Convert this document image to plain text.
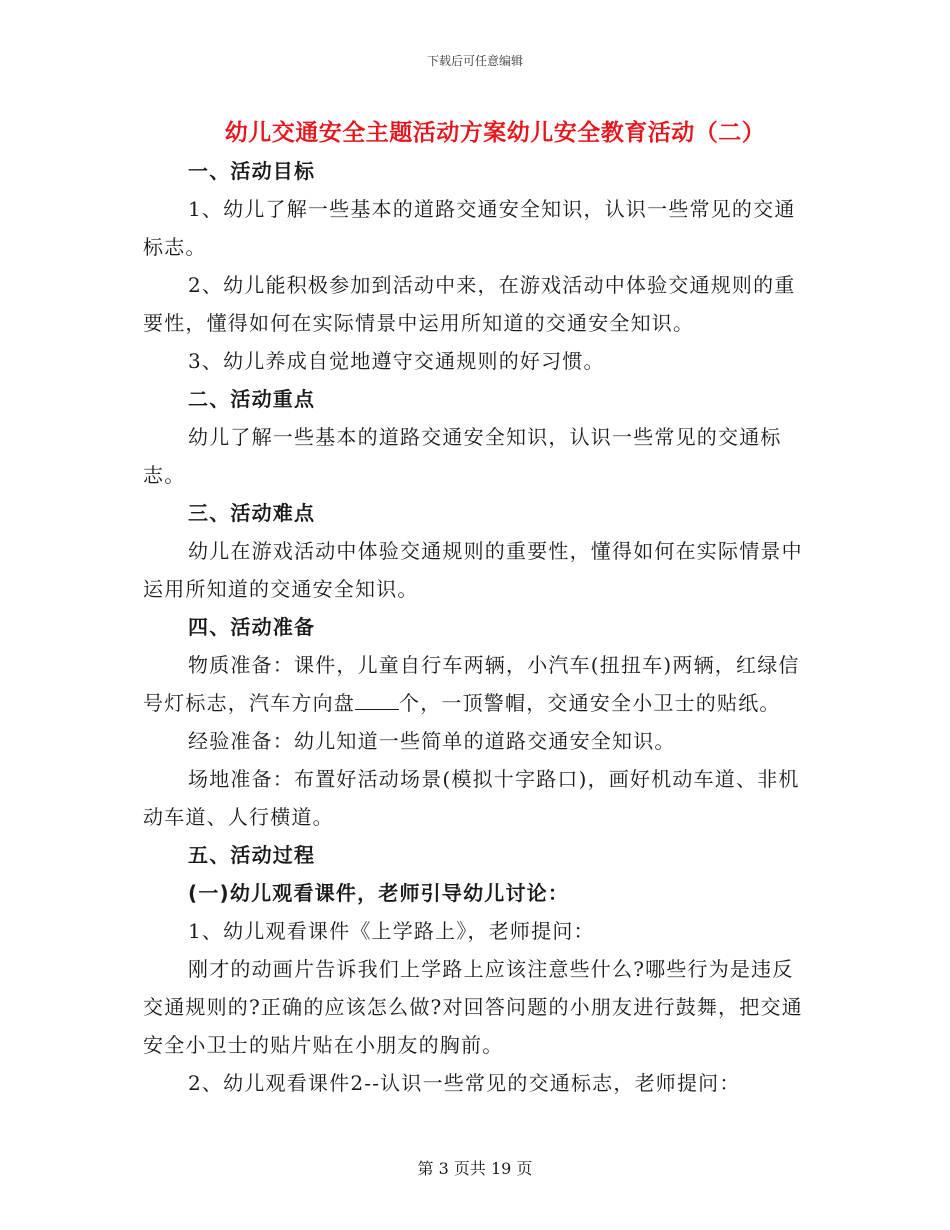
下载后可任意编辑
幼儿交通安全主题活动方案幼儿安全教育活动（二）

一、活动目标

1、幼儿了解一些基本的道路交通安全知识，认识一些常见的交通标志。

2、幼儿能积极参加到活动中来，在游戏活动中体验交通规则的重要性，懂得如何在实际情景中运用所知道的交通安全知识。

3、幼儿养成自觉地遵守交通规则的好习惯。

二、活动重点

幼儿了解一些基本的道路交通安全知识，认识一些常见的交通标志。

三、活动难点

幼儿在游戏活动中体验交通规则的重要性，懂得如何在实际情景中运用所知道的交通安全知识。

四、活动准备

物质准备：课件，儿童自行车两辆，小汽车(扭扭车)两辆，红绿信号灯标志，汽车方向盘 个，一顶警帽，交通安全小卫士的贴纸。

经验准备：幼儿知道一些简单的道路交通安全知识。

场地准备：布置好活动场景(模拟十字路口)，画好机动车道、非机动车道、人行横道。

五、活动过程

(一)幼儿观看课件，老师引导幼儿讨论：

1、幼儿观看课件《上学路上》，老师提问：

刚才的动画片告诉我们上学路上应该注意些什么?哪些行为是违反交通规则的?正确的应该怎么做?对回答问题的小朋友进行鼓舞，把交通安全小卫士的贴片贴在小朋友的胸前。

2、幼儿观看课件2--认识一些常见的交通标志，老师提问：

第 3 页共 19 页
